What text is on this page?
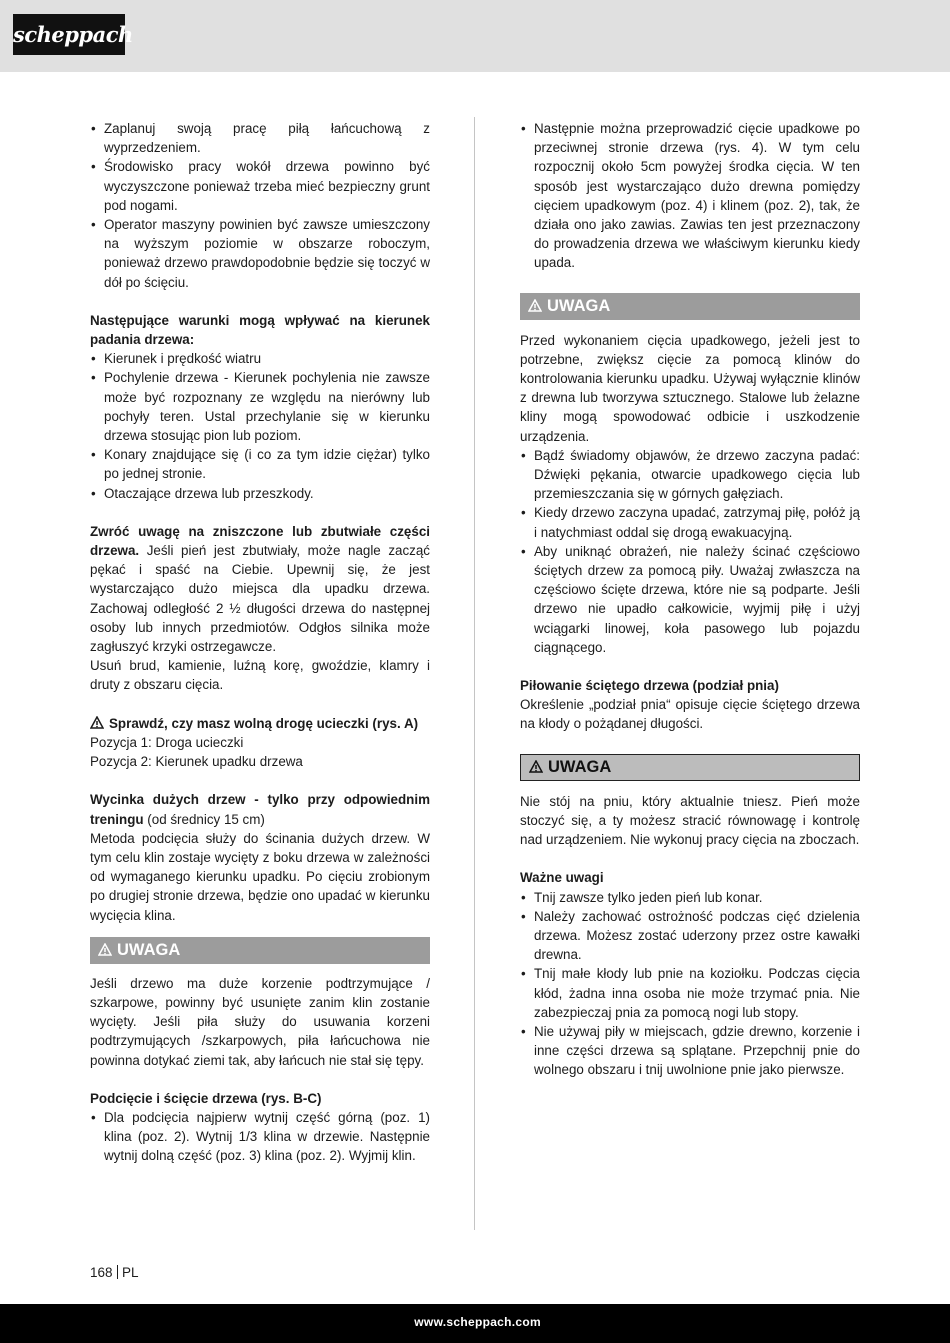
scheppach
• Zaplanuj swoją pracę piłą łańcuchową z wyprzedzeniem.
• Środowisko pracy wokół drzewa powinno być wyczyszczone ponieważ trzeba mieć bezpieczny grunt pod nogami.
• Operator maszyny powinien być zawsze umieszczony na wyższym poziomie w obszarze roboczym, ponieważ drzewo prawdopodobnie będzie się toczyć w dół po ścięciu.

Następujące warunki mogą wpływać na kierunek padania drzewa:

• Kierunek i prędkość wiatru
• Pochylenie drzewa - Kierunek pochylenia nie zawsze może być rozpoznany ze względu na nierówny lub pochyły teren. Ustal przechylanie się w kierunku drzewa stosując pion lub poziom.
• Konary znajdujące się (i co za tym idzie ciężar) tylko po jednej stronie.
• Otaczające drzewa lub przeszkody.

Zwróć uwagę na zniszczone lub zbutwiałe części drzewa. Jeśli pień jest zbutwiały, może nagle zacząć pękać i spaść na Ciebie. Upewnij się, że jest wystarczająco dużo miejsca dla upadku drzewa. Zachowaj odległość 2 ½ długości drzewa do następnej osoby lub innych przedmiotów. Odgłos silnika może zagłuszyć krzyki ostrzegawcze.

Usuń brud, kamienie, luźną korę, gwoździe, klamry i druty z obszaru cięcia.

Sprawdź, czy masz wolną drogę ucieczki (rys. A)

Pozycja 1: Droga ucieczki

Pozycja 2: Kierunek upadku drzewa

Wycinka dużych drzew - tylko przy odpowiednim treningu (od średnicy 15 cm)

Metoda podcięcia służy do ścinania dużych drzew. W tym celu klin zostaje wycięty z boku drzewa w zależności od wymaganego kierunku upadku. Po cięciu zrobionym po drugiej stronie drzewa, będzie ono upadać w kierunku wycięcia klina.

UWAGA

Jeśli drzewo ma duże korzenie podtrzymujące / szkarpowe, powinny być usunięte zanim klin zostanie wycięty. Jeśli piła służy do usuwania korzeni podtrzymujących /szkarpowych, piła łańcuchowa nie powinna dotykać ziemi tak, aby łańcuch nie stał się tępy.

Podcięcie i ścięcie drzewa (rys. B-C)

• Dla podcięcia najpierw wytnij część górną (poz. 1) klina (poz. 2). Wytnij 1/3 klina w drzewie. Następnie wytnij dolną część (poz. 3) klina (poz. 2). Wyjmij klin.
• Następnie można przeprowadzić cięcie upadkowe po przeciwnej stronie drzewa (rys. 4). W tym celu rozpocznij około 5cm powyżej środka cięcia. W ten sposób jest wystarczająco dużo drewna pomiędzy cięciem upadkowym (poz. 4) i klinem (poz. 2), tak, że działa ono jako zawias. Zawias ten jest przeznaczony do prowadzenia drzewa we właściwym kierunku kiedy upada.
UWAGA

Przed wykonaniem cięcia upadkowego, jeżeli jest to potrzebne, zwiększ cięcie za pomocą klinów do kontrolowania kierunku upadku. Używaj wyłącznie klinów z drewna lub tworzywa sztucznego. Stalowe lub żelazne kliny mogą spowodować odbicie i uszkodzenie urządzenia.

• Bądź świadomy objawów, że drzewo zaczyna padać: Dźwięki pękania, otwarcie upadkowego cięcia lub przemieszczania się w górnych gałęziach.
• Kiedy drzewo zaczyna upadać, zatrzymaj piłę, połóż ją i natychmiast oddal się drogą ewakuacyjną.
• Aby uniknąć obrażeń, nie należy ścinać częściowo ściętych drzew za pomocą piły. Uważaj zwłaszcza na częściowo ścięte drzewa, które nie są podparte. Jeśli drzewo nie upadło całkowicie, wyjmij piłę i użyj wciągarki linowej, koła pasowego lub pojazdu ciągnącego.

Piłowanie ściętego drzewa (podział pnia)

Określenie „podział pnia“ opisuje cięcie ściętego drzewa na kłody o pożądanej długości.

UWAGA

Nie stój na pniu, który aktualnie tniesz. Pień może stoczyć się, a ty możesz stracić równowagę i kontrolę nad urządzeniem. Nie wykonuj pracy cięcia na zboczach.

Ważne uwagi

• Tnij zawsze tylko jeden pień lub konar.
• Należy zachować ostrożność podczas cięć dzielenia drzewa. Możesz zostać uderzony przez ostre kawałki drewna.
• Tnij małe kłody lub pnie na koziołku. Podczas cięcia kłód, żadna inna osoba nie może trzymać pnia. Nie zabezpieczaj pnia za pomocą nogi lub stopy.
• Nie używaj piły w miejscach, gdzie drewno, korzenie i inne części drzewa są splątane. Przepchnij pnie do wolnego obszaru i tnij uwolnione pnie jako pierwsze.
168 PL
www.scheppach.com
